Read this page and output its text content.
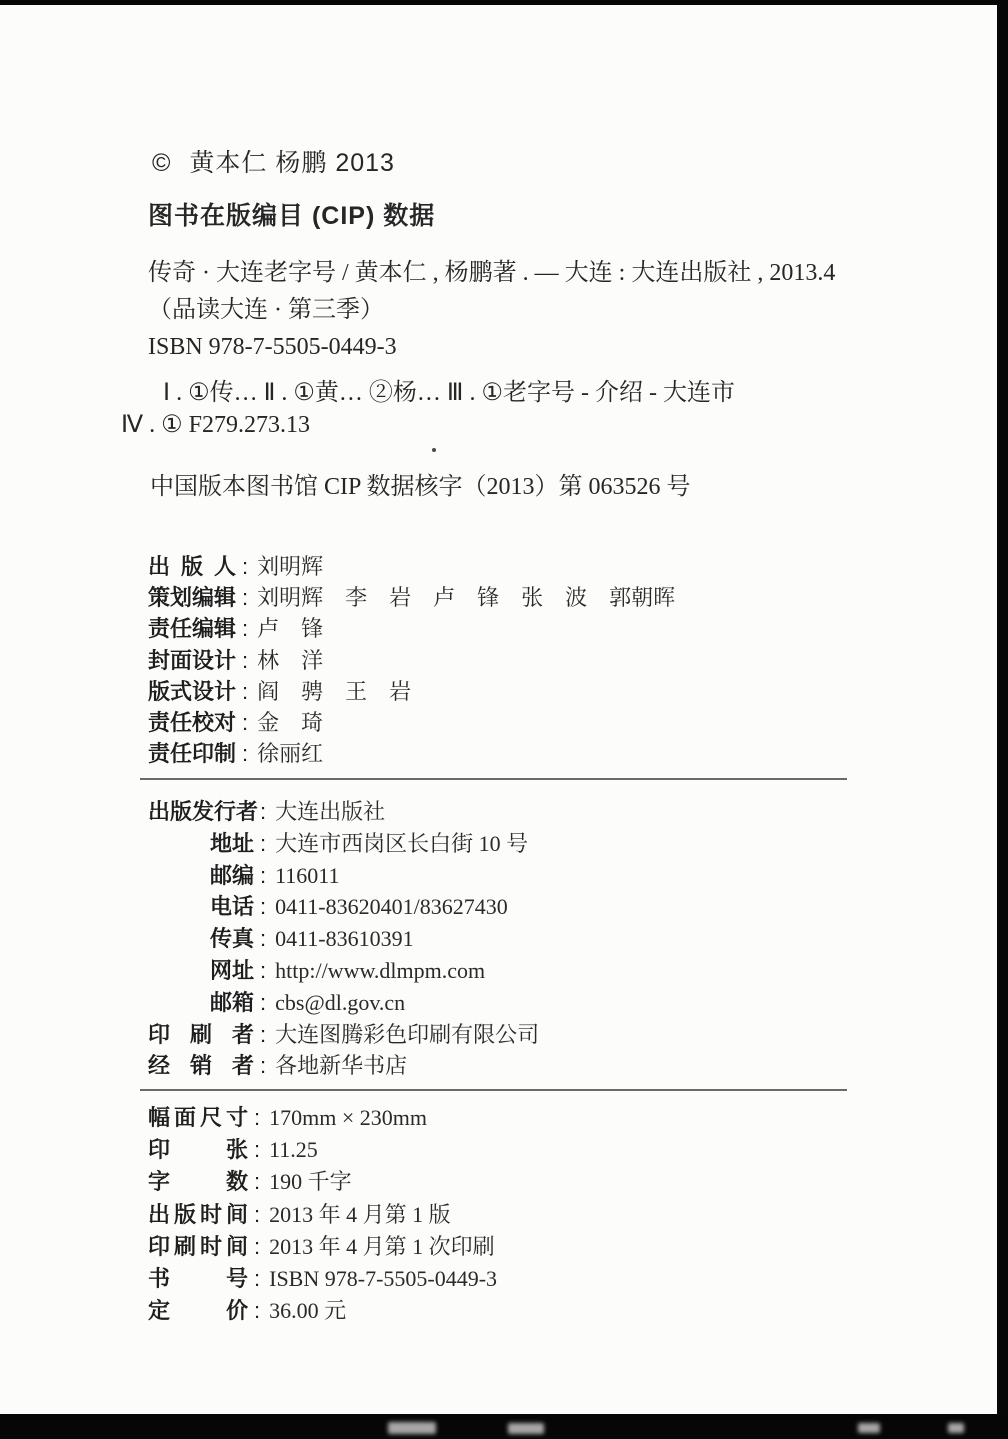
© 黄本仁 杨鹏 2013
图书在版编目 (CIP) 数据
传奇 · 大连老字号 / 黄本仁 , 杨鹏著 . — 大连 : 大连出版社 , 2013.4
（品读大连 · 第三季）
ISBN 978-7-5505-0449-3
Ⅰ . ①传… Ⅱ . ①黄… ②杨… Ⅲ . ①老字号 - 介绍 - 大连市
Ⅳ . ① F279.273.13
中国版本图书馆 CIP 数据核字（2013）第 063526 号
出版人 : 刘明辉
策划编辑 : 刘明辉　李　岩　卢　锋　张　波　郭朝晖
责任编辑 : 卢　锋
封面设计 : 林　洋
版式设计 : 阎　骋　王　岩
责任校对 : 金　琦
责任印制 : 徐丽红
出版发行者: 大连出版社
地址 : 大连市西岗区长白街 10 号
邮编 : 116011
电话 : 0411-83620401/83627430
传真 : 0411-83610391
网址 : http://www.dlmpm.com
邮箱 : cbs@dl.gov.cn
印刷者 : 大连图腾彩色印刷有限公司
经销者 : 各地新华书店
幅面尺寸 : 170mm × 230mm
印张 : 11.25
字数 : 190 千字
出版时间 : 2013 年 4 月第 1 版
印刷时间 : 2013 年 4 月第 1 次印刷
书号 : ISBN 978-7-5505-0449-3
定价 : 36.00 元
